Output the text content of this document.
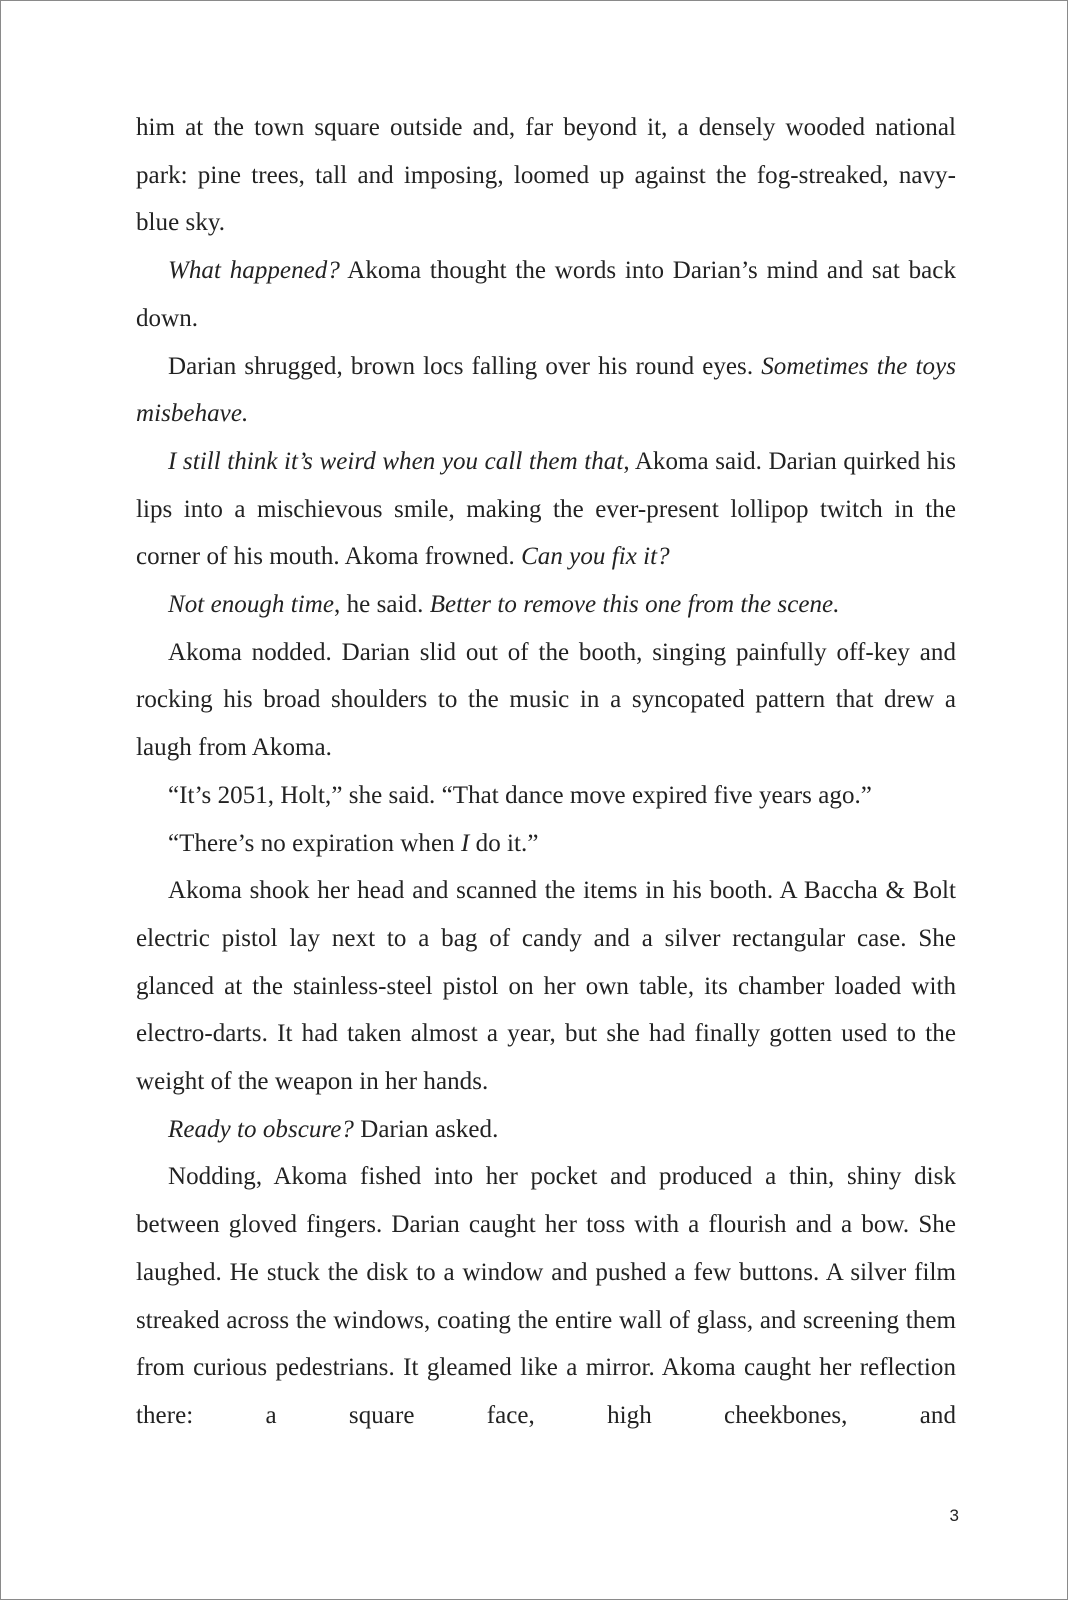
him at the town square outside and, far beyond it, a densely wooded national park: pine trees, tall and imposing, loomed up against the fog-streaked, navy-blue sky.

What happened? Akoma thought the words into Darian’s mind and sat back down.

Darian shrugged, brown locs falling over his round eyes. Sometimes the toys misbehave.

I still think it’s weird when you call them that, Akoma said. Darian quirked his lips into a mischievous smile, making the ever-present lollipop twitch in the corner of his mouth. Akoma frowned. Can you fix it?

Not enough time, he said. Better to remove this one from the scene.

Akoma nodded. Darian slid out of the booth, singing painfully off-key and rocking his broad shoulders to the music in a syncopated pattern that drew a laugh from Akoma.

“It’s 2051, Holt,” she said. “That dance move expired five years ago.”

“There’s no expiration when I do it.”

Akoma shook her head and scanned the items in his booth. A Baccha & Bolt electric pistol lay next to a bag of candy and a silver rectangular case. She glanced at the stainless-steel pistol on her own table, its chamber loaded with electro-darts. It had taken almost a year, but she had finally gotten used to the weight of the weapon in her hands.

Ready to obscure? Darian asked.

Nodding, Akoma fished into her pocket and produced a thin, shiny disk between gloved fingers. Darian caught her toss with a flourish and a bow. She laughed. He stuck the disk to a window and pushed a few buttons. A silver film streaked across the windows, coating the entire wall of glass, and screening them from curious pedestrians. It gleamed like a mirror. Akoma caught her reflection there: a square face, high cheekbones, and

3
